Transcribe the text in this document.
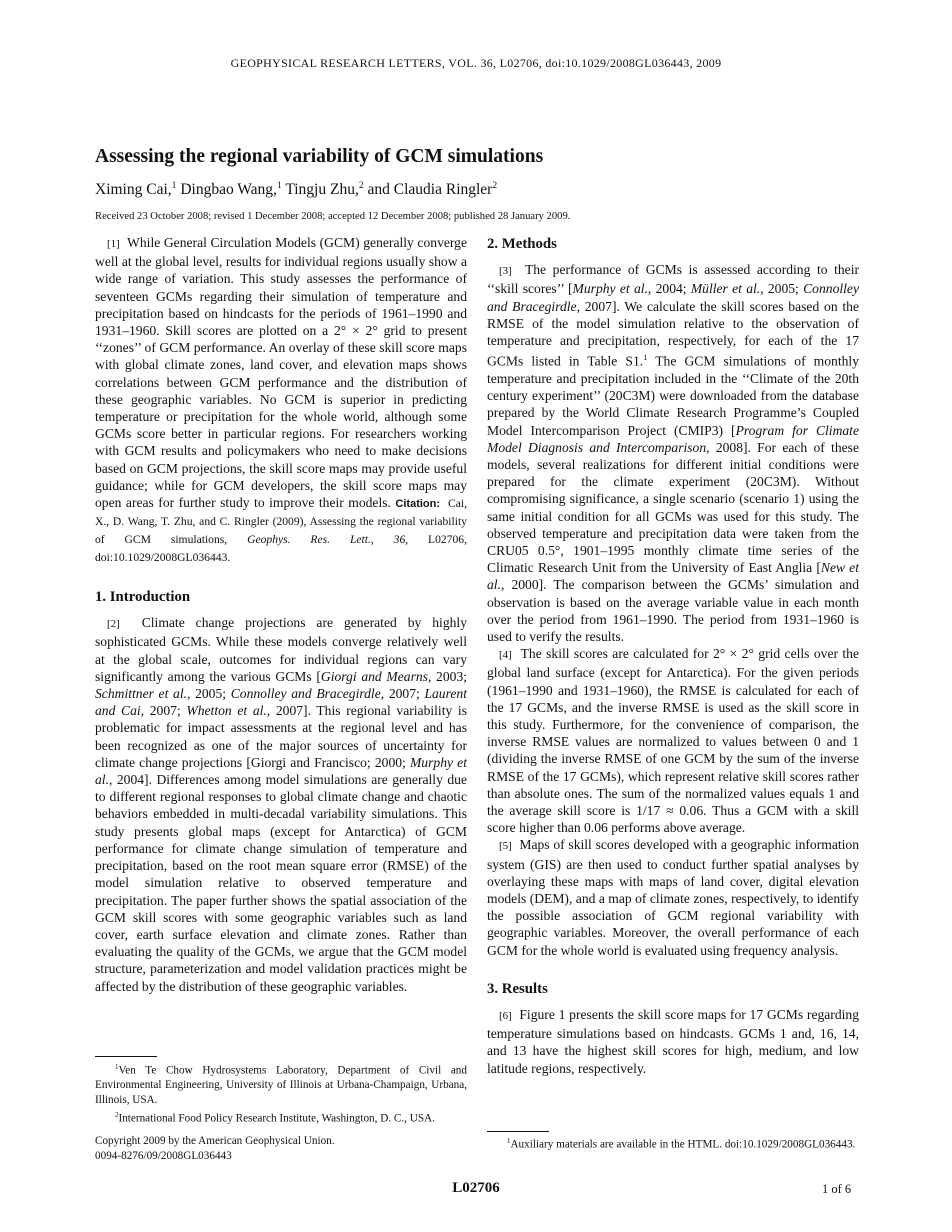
GEOPHYSICAL RESEARCH LETTERS, VOL. 36, L02706, doi:10.1029/2008GL036443, 2009
Assessing the regional variability of GCM simulations
Ximing Cai,$^1$ Dingbao Wang,$^1$ Tingju Zhu,$^2$ and Claudia Ringler$^2$
Received 23 October 2008; revised 1 December 2008; accepted 12 December 2008; published 28 January 2009.

[1] While General Circulation Models (GCM) generally converge well at the global level, results for individual regions usually show a wide range of variation. This study assesses the performance of seventeen GCMs regarding their simulation of temperature and precipitation based on hindcasts for the periods of 1961–1990 and 1931–1960. Skill scores are plotted on a 2° × 2° grid to present ‘‘zones’’ of GCM performance. An overlay of these skill score maps with global climate zones, land cover, and elevation maps shows correlations between GCM performance and the distribution of these geographic variables. No GCM is superior in predicting temperature or precipitation for the whole world, although some GCMs score better in particular regions. For researchers working with GCM results and policymakers who need to make decisions based on GCM projections, the skill score maps may provide useful guidance; while for GCM developers, the skill score maps may open areas for further study to improve their models. Citation: Cai, X., D. Wang, T. Zhu, and C. Ringler (2009), Assessing the regional variability of GCM simulations, Geophys. Res. Lett., 36, L02706, doi:10.1029/2008GL036443.

1. Introduction

[2] Climate change projections are generated by highly sophisticated GCMs. While these models converge relatively well at the global scale, outcomes for individual regions can vary significantly among the various GCMs [Giorgi and Mearns, 2003; Schmittner et al., 2005; Connolley and Bracegirdle, 2007; Laurent and Cai, 2007; Whetton et al., 2007]. This regional variability is problematic for impact assessments at the regional level and has been recognized as one of the major sources of uncertainty for climate change projections [Giorgi and Francisco; 2000; Murphy et al., 2004]. Differences among model simulations are generally due to different regional responses to global climate change and chaotic behaviors embedded in multi-decadal variability simulations. This study presents global maps (except for Antarctica) of GCM performance for climate change simulation of temperature and precipitation, based on the root mean square error (RMSE) of the model simulation relative to observed temperature and precipitation. The paper further shows the spatial association of the GCM skill scores with some geographic variables such as land cover, earth surface elevation and climate zones. Rather than evaluating the quality of the GCMs, we argue that the GCM model structure, parameterization and model validation practices might be affected by the distribution of these geographic variables.

$^1$Ven Te Chow Hydrosystems Laboratory, Department of Civil and Environmental Engineering, University of Illinois at Urbana-Champaign, Urbana, Illinois, USA.
$^2$International Food Policy Research Institute, Washington, D. C., USA.
Copyright 2009 by the American Geophysical Union.
0094-8276/09/2008GL036443
2. Methods

[3] The performance of GCMs is assessed according to their ‘‘skill scores’’ [Murphy et al., 2004; Müller et al., 2005; Connolley and Bracegirdle, 2007]. We calculate the skill scores based on the RMSE of the model simulation relative to the observation of temperature and precipitation, respectively, for each of the 17 GCMs listed in Table S1.$^1$ The GCM simulations of monthly temperature and precipitation included in the ‘‘Climate of the 20th century experiment’’ (20C3M) were downloaded from the database prepared by the World Climate Research Programme’s Coupled Model Intercomparison Project (CMIP3) [Program for Climate Model Diagnosis and Intercomparison, 2008]. For each of these models, several realizations for different initial conditions were prepared for the climate experiment (20C3M). Without compromising significance, a single scenario (scenario 1) using the same initial condition for all GCMs was used for this study. The observed temperature and precipitation data were taken from the CRU05 0.5°, 1901–1995 monthly climate time series of the Climatic Research Unit from the University of East Anglia [New et al., 2000]. The comparison between the GCMs’ simulation and observation is based on the average variable value in each month over the period from 1961–1990. The period from 1931–1960 is used to verify the results.

[4] The skill scores are calculated for 2° × 2° grid cells over the global land surface (except for Antarctica). For the given periods (1961–1990 and 1931–1960), the RMSE is calculated for each of the 17 GCMs, and the inverse RMSE is used as the skill score in this study. Furthermore, for the convenience of comparison, the inverse RMSE values are normalized to values between 0 and 1 (dividing the inverse RMSE of one GCM by the sum of the inverse RMSE of the 17 GCMs), which represent relative skill scores rather than absolute ones. The sum of the normalized values equals 1 and the average skill score is 1/17 ≈ 0.06. Thus a GCM with a skill score higher than 0.06 performs above average.

[5] Maps of skill scores developed with a geographic information system (GIS) are then used to conduct further spatial analyses by overlaying these maps with maps of land cover, digital elevation models (DEM), and a map of climate zones, respectively, to identify the possible association of GCM regional variability with geographic variables. Moreover, the overall performance of each GCM for the whole world is evaluated using frequency analysis.

3. Results

[6] Figure 1 presents the skill score maps for 17 GCMs regarding temperature simulations based on hindcasts. GCMs 1 and, 16, 14, and 13 have the highest skill scores for high, medium, and low latitude regions, respectively.

$^1$Auxiliary materials are available in the HTML. doi:10.1029/2008GL036443.
L02706	1 of 6
